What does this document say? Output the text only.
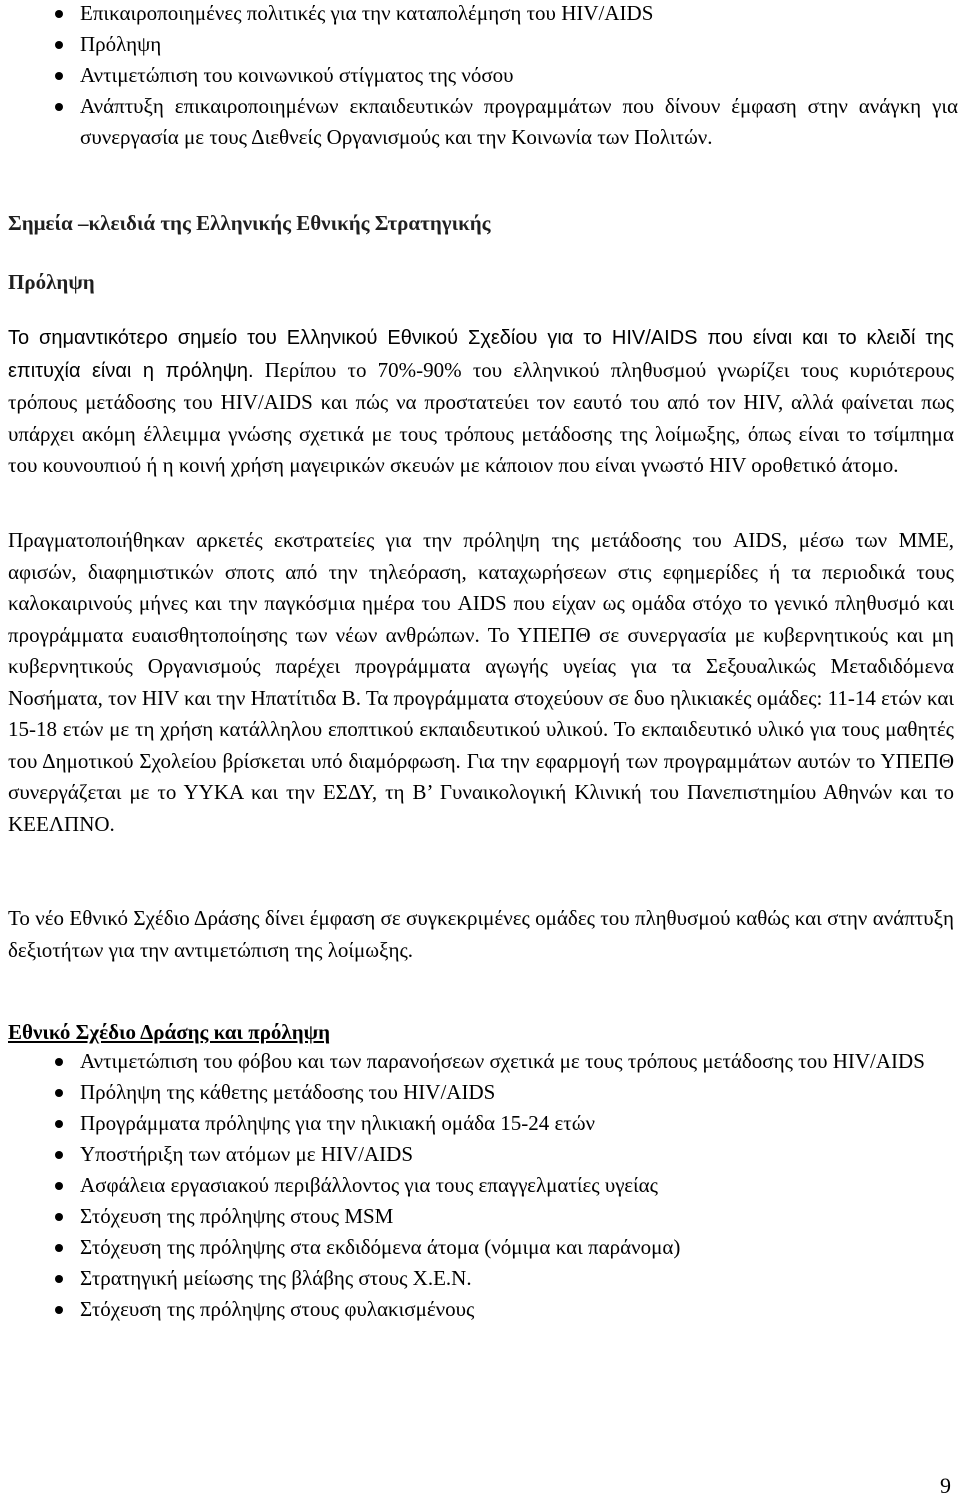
Επικαιροποιημένες πολιτικές για την καταπολέμηση του HIV/AIDS
Πρόληψη
Αντιμετώπιση του κοινωνικού στίγματος της νόσου
Ανάπτυξη επικαιροποιημένων εκπαιδευτικών προγραμμάτων που δίνουν έμφαση στην ανάγκη για συνεργασία με τους Διεθνείς Οργανισμούς και την Κοινωνία των Πολιτών.
Σημεία –κλειδιά της Ελληνικής Εθνικής Στρατηγικής
Πρόληψη
Το σημαντικότερο σημείο του Ελληνικού Εθνικού Σχεδίου για το HIV/AIDS που είναι και το κλειδί της επιτυχία είναι η πρόληψη. Περίπου το 70%-90% του ελληνικού πληθυσμού γνωρίζει τους κυριότερους τρόπους μετάδοσης του HIV/AIDS και πώς να προστατεύει τον εαυτό του από τον HIV, αλλά φαίνεται πως υπάρχει ακόμη έλλειμμα γνώσης σχετικά με τους τρόπους μετάδοσης της λοίμωξης, όπως είναι το τσίμπημα του κουνουπιού ή η κοινή χρήση μαγειρικών σκευών με κάποιον που είναι γνωστό HIV οροθετικό άτομο.
Πραγματοποιήθηκαν αρκετές εκστρατείες για την πρόληψη της μετάδοσης του AIDS, μέσω των ΜΜΕ, αφισών, διαφημιστικών σποτς από την τηλεόραση, καταχωρήσεων στις εφημερίδες ή τα περιοδικά τους καλοκαιρινούς μήνες και την παγκόσμια ημέρα του AIDS που είχαν ως ομάδα στόχο το γενικό πληθυσμό και προγράμματα ευαισθητοποίησης των νέων ανθρώπων. Το ΥΠΕΠΘ σε συνεργασία με κυβερνητικούς και μη κυβερνητικούς Οργανισμούς παρέχει προγράμματα αγωγής υγείας για τα Σεξουαλικώς Μεταδιδόμενα Νοσήματα, τον HIV και την Ηπατίτιδα Β. Τα προγράμματα στοχεύουν σε δυο ηλικιακές ομάδες: 11-14 ετών και 15-18 ετών με τη χρήση κατάλληλου εποπτικού εκπαιδευτικού υλικού. Το εκπαιδευτικό υλικό για τους μαθητές του Δημοτικού Σχολείου βρίσκεται υπό διαμόρφωση. Για την εφαρμογή των προγραμμάτων αυτών το ΥΠΕΠΘ συνεργάζεται με το ΥΥΚΑ και την ΕΣΔΥ, τη Β’ Γυναικολογική Κλινική του Πανεπιστημίου Αθηνών και το ΚΕΕΛΠΝΟ.
Το νέο Εθνικό Σχέδιο Δράσης δίνει έμφαση σε συγκεκριμένες ομάδες του πληθυσμού καθώς και στην ανάπτυξη δεξιοτήτων για την αντιμετώπιση της λοίμωξης.
Εθνικό Σχέδιο Δράσης και πρόληψη
Αντιμετώπιση του φόβου και των παρανοήσεων σχετικά με τους τρόπους μετάδοσης του HIV/AIDS
Πρόληψη της κάθετης μετάδοσης του HIV/AIDS
Προγράμματα πρόληψης για την ηλικιακή ομάδα 15-24 ετών
Υποστήριξη των ατόμων με HIV/AIDS
Ασφάλεια εργασιακού περιβάλλοντος για τους επαγγελματίες υγείας
Στόχευση της πρόληψης στους MSM
Στόχευση της πρόληψης στα εκδιδόμενα άτομα (νόμιμα και παράνομα)
Στρατηγική μείωσης της βλάβης στους Χ.Ε.Ν.
Στόχευση της πρόληψης στους φυλακισμένους
9
